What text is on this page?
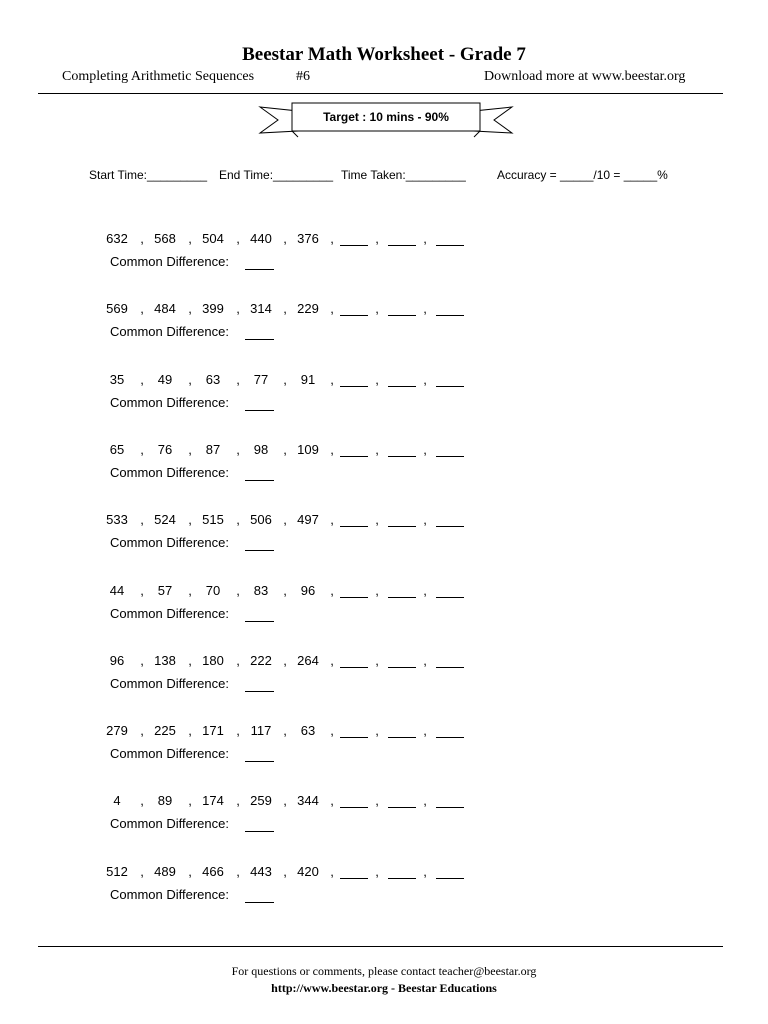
Beestar Math Worksheet - Grade 7
Completing Arithmetic Sequences	#6	Download more at www.beestar.org
Target : 10 mins - 90%
Start Time:_________ End Time:_________ Time Taken:_________	Accuracy = _____/10 = _____%
632	568	504	440	376
,	,	,	,	,	,	,
Common Difference:
569	484	399	314	229
,	,	,	,	,	,	,
Common Difference:
35	49	63	77	91
,	,	,	,	,	,	,
Common Difference:
65	76	87	98	109
,	,	,	,	,	,	,
Common Difference:
533	524	515	506	497
,	,	,	,	,	,	,
Common Difference:
44	57	70	83	96
,	,	,	,	,	,	,
Common Difference:
96	138	180	222	264
,	,	,	,	,	,	,
Common Difference:
279	225	171	117	63
,	,	,	,	,	,	,
Common Difference:
4	89	174	259	344
,	,	,	,	,	,	,
Common Difference:
512	489	466	443	420
,	,	,	,	,	,	,
Common Difference:
For questions or comments, please contact teacher@beestar.org
http://www.beestar.org - Beestar Educations
